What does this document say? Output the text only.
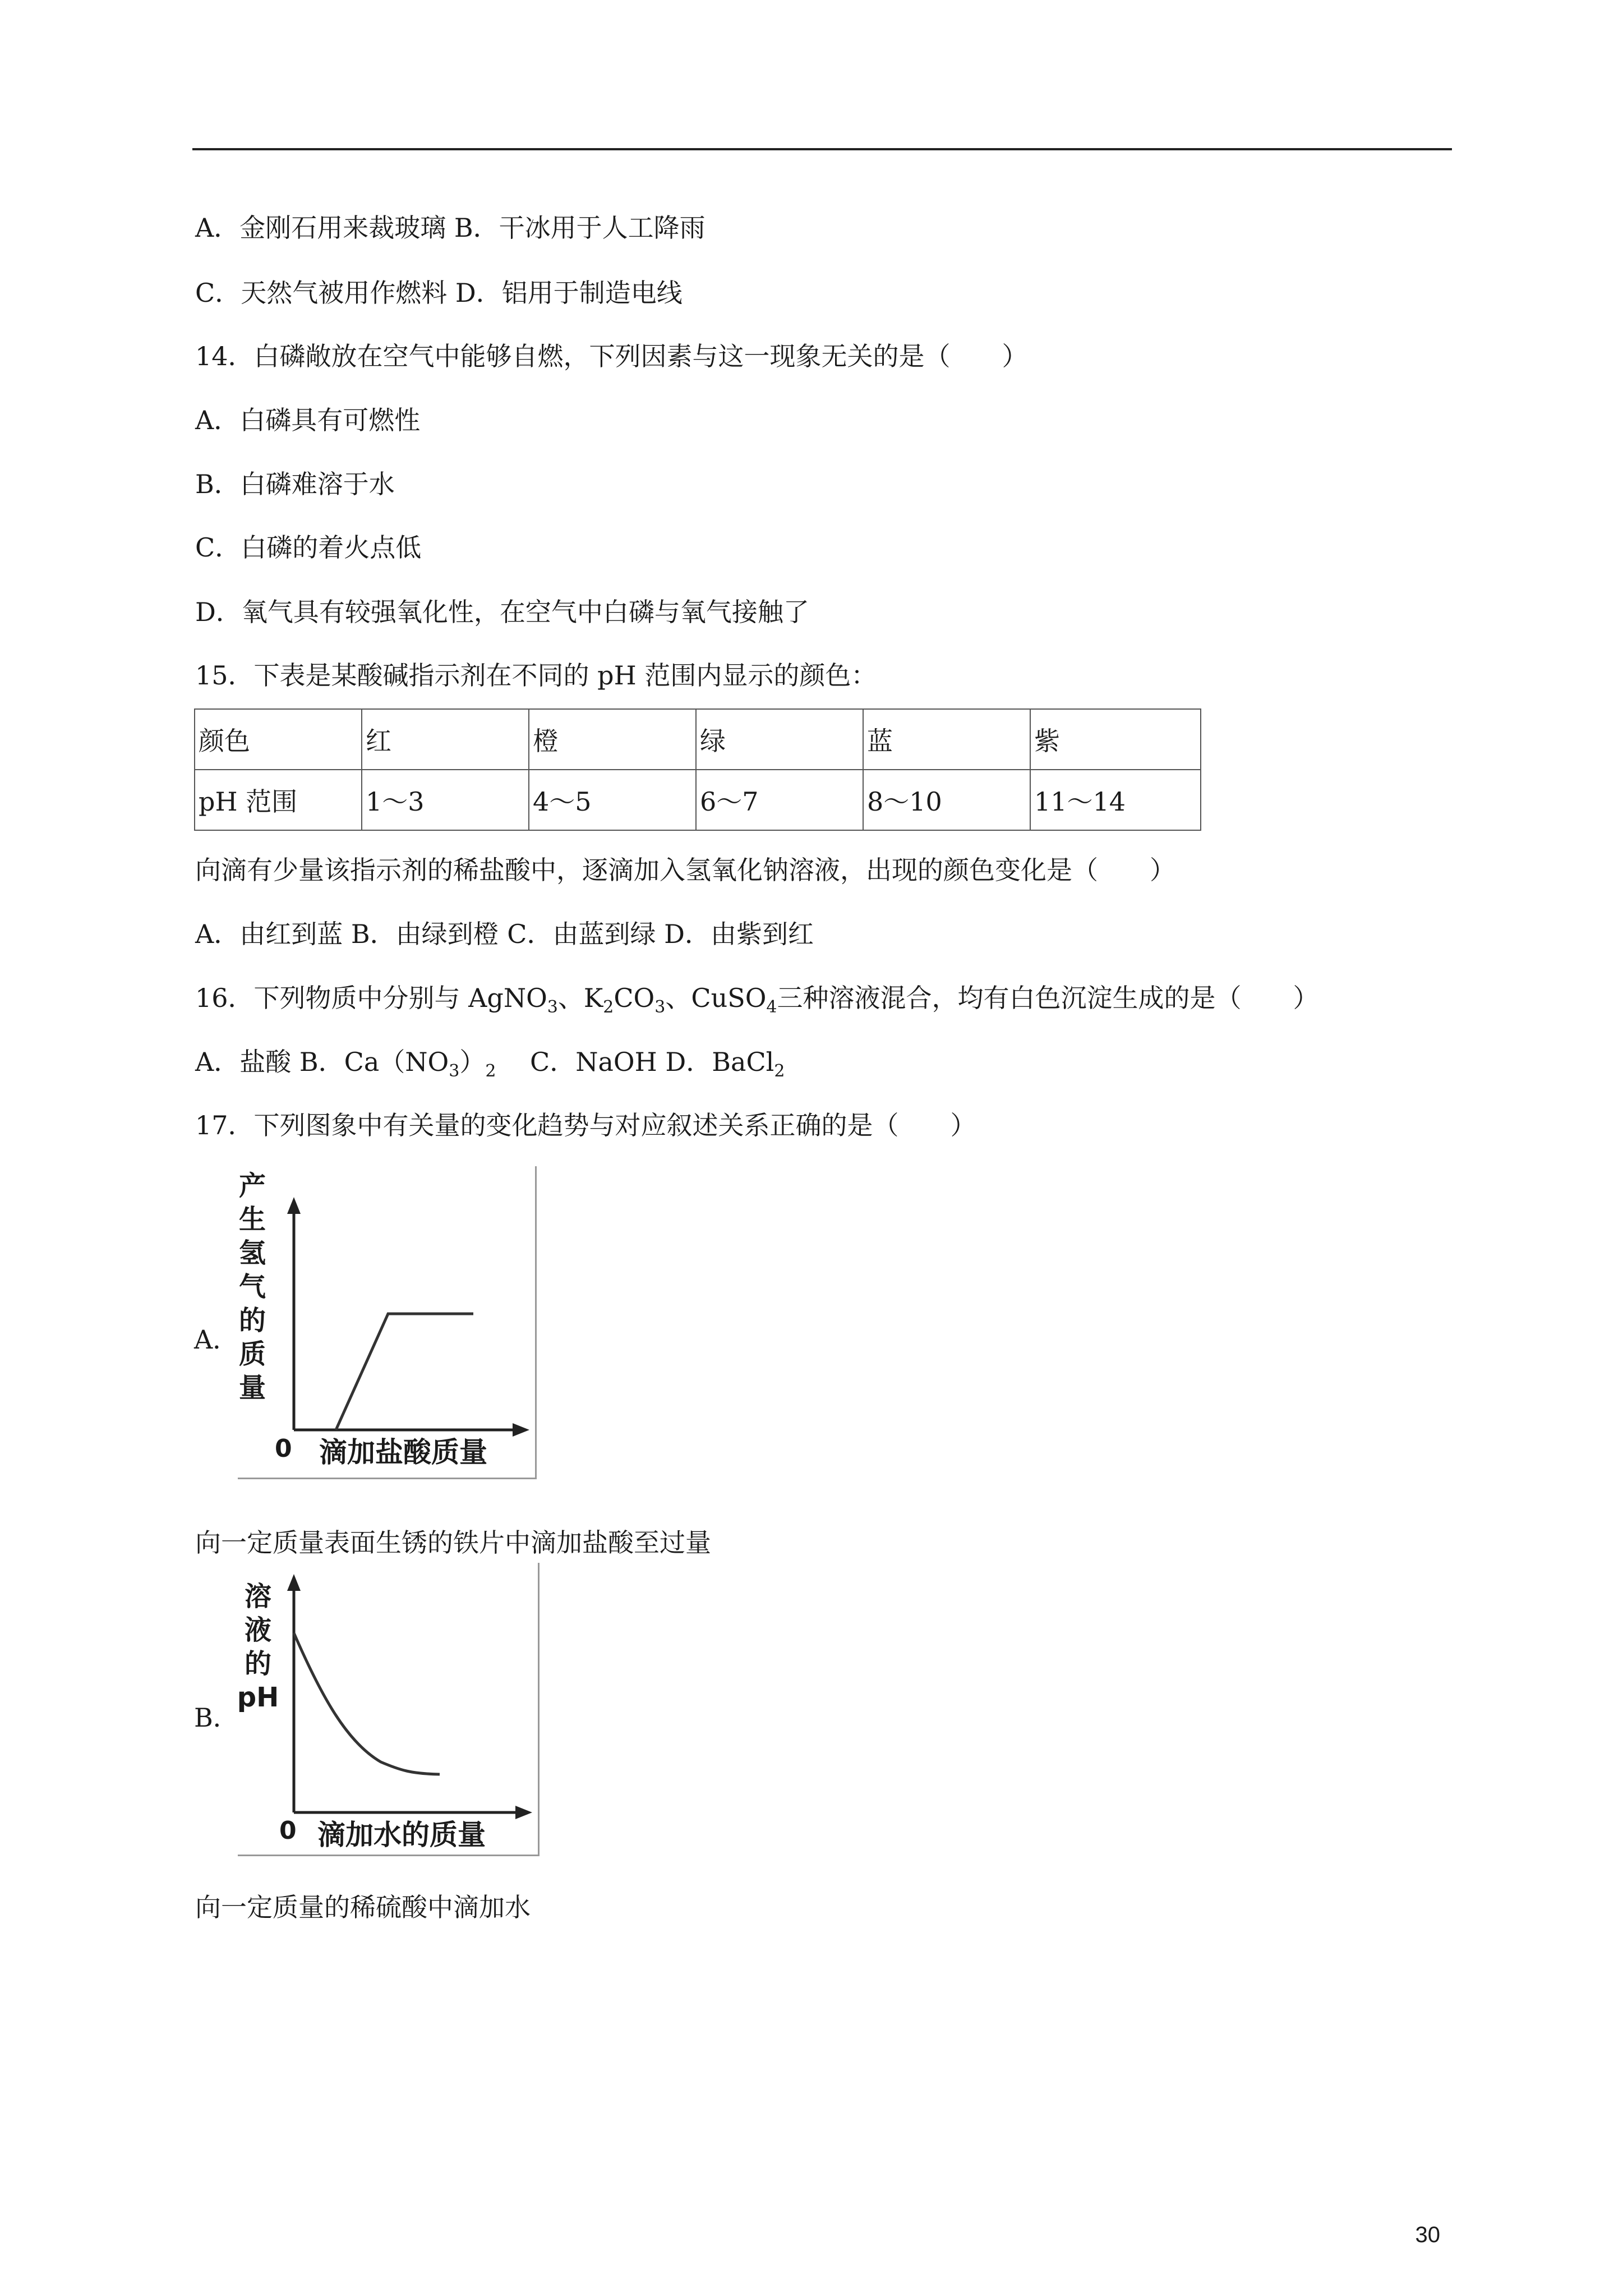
A．金刚石用来裁玻璃 B．干冰用于人工降雨
C．天然气被用作燃料 D．铝用于制造电线
14．白磷敞放在空气中能够自燃，下列因素与这一现象无关的是（　　）
A．白磷具有可燃性
B．白磷难溶于水
C．白磷的着火点低
D．氧气具有较强氧化性，在空气中白磷与氧气接触了
15．下表是某酸碱指示剂在不同的 pH 范围内显示的颜色：
颜色	红	橙	绿	蓝	紫
pH 范围	1～3	4～5	6～7	8～10	11～14
向滴有少量该指示剂的稀盐酸中，逐滴加入氢氧化钠溶液，出现的颜色变化是（　　）
A．由红到蓝 B．由绿到橙 C．由蓝到绿 D．由紫到红
16．下列物质中分别与 AgNO$_3$、$K_2CO_3$、CuSO$_4$三种溶液混合，均有白色沉淀生成的是（　　）
A．盐酸 B．$Ca(NO_3)_2$　 C．NaOH D．BaCl$_2$
17．下列图象中有关量的变化趋势与对应叙述关系正确的是（　　）
A．
产
生
氢
气
的
质
量
0 滴加盐酸质量
向一定质量表面生锈的铁片中滴加盐酸至过量
B．
溶
液
的
pH
0 滴加水的质量
向一定质量的稀硫酸中滴加水
30
